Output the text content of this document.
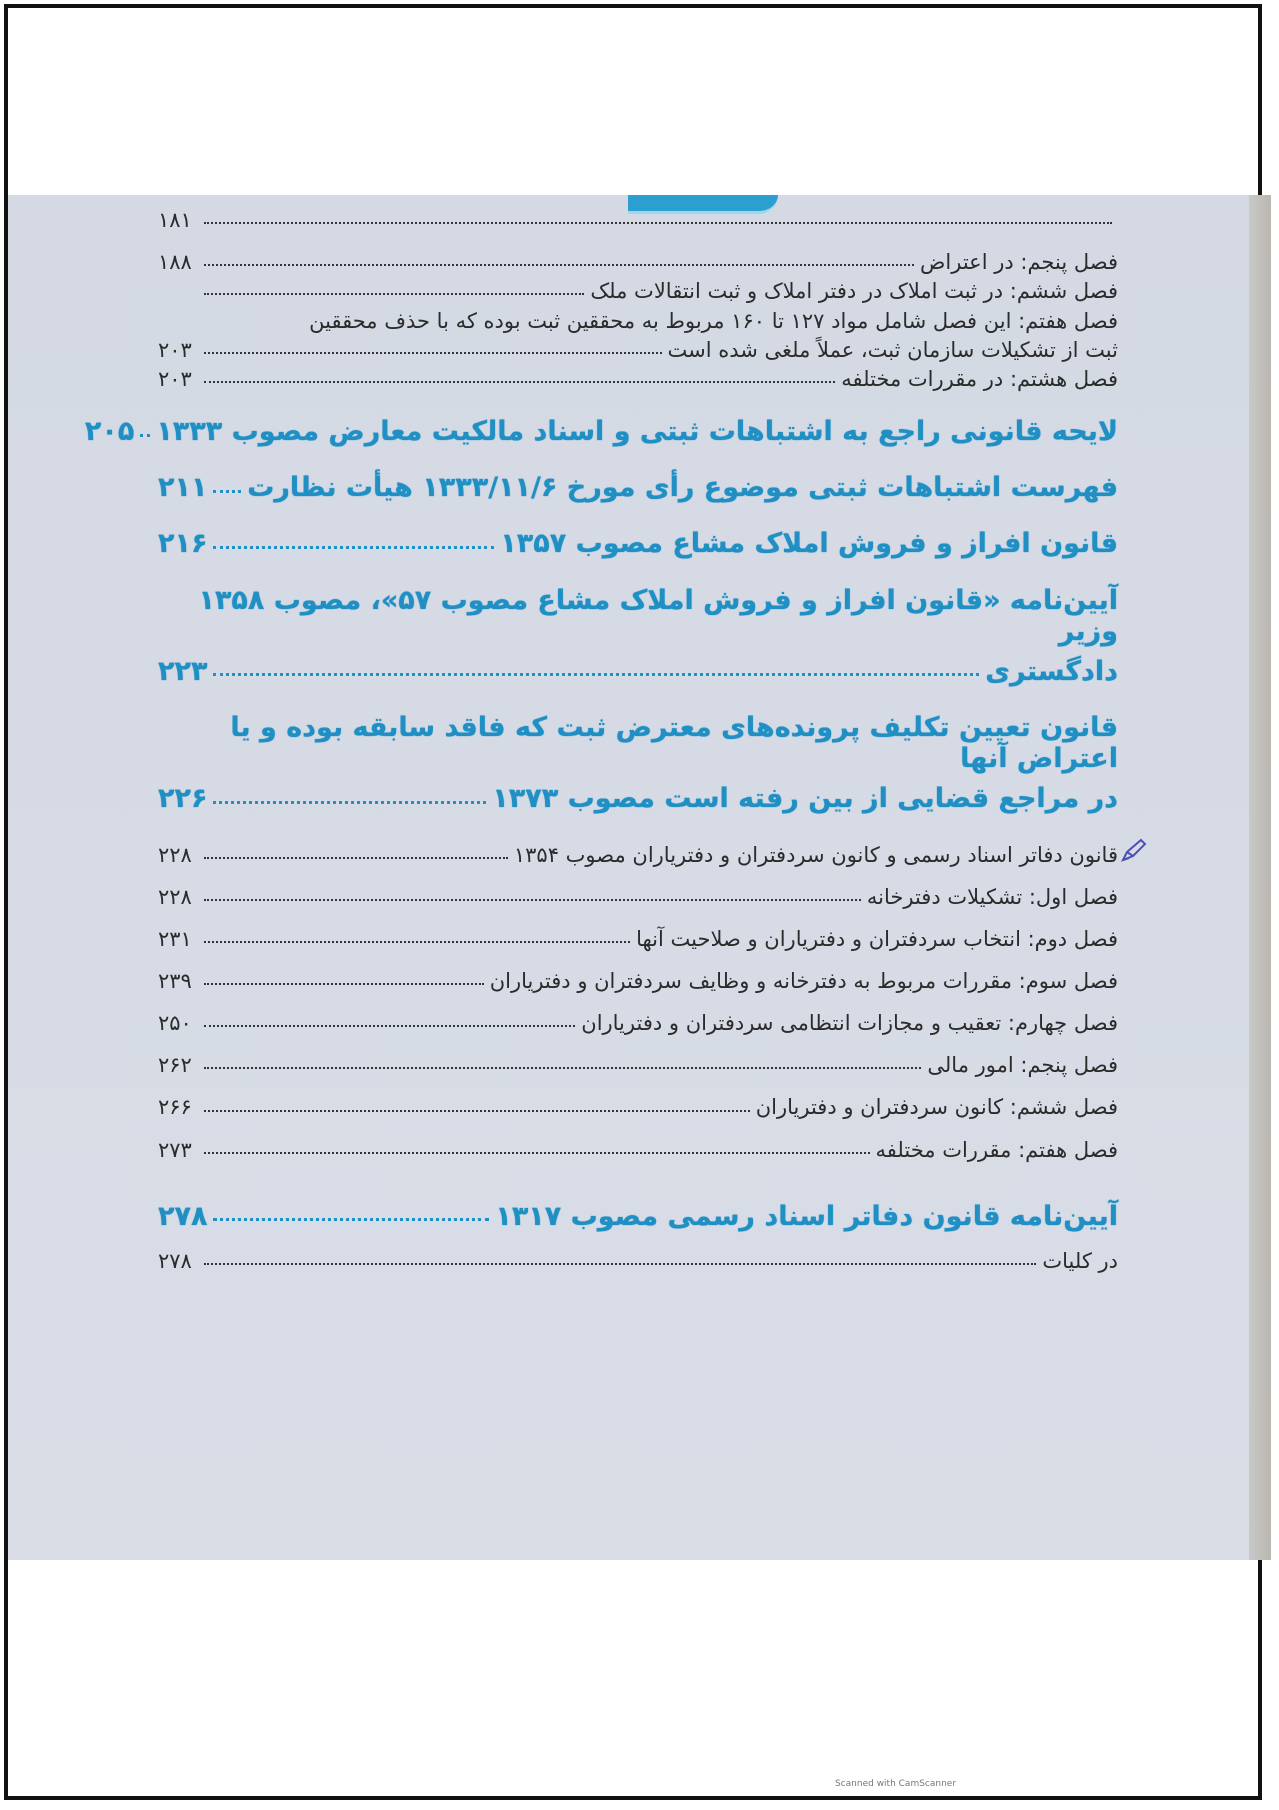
۱۸۱
فصل پنجم: در اعتراض
۱۸۸
فصل ششم: در ثبت املاک در دفتر املاک و ثبت انتقالات ملک
فصل هفتم: این فصل شامل مواد ۱۲۷ تا ۱۶۰ مربوط به محققین ثبت بوده که با حذف محققین
ثبت از تشکیلات سازمان ثبت، عملاً ملغی شده است
۲۰۳
فصل هشتم: در مقررات مختلفه
۲۰۳
لایحه قانونی راجع به اشتباهات ثبتی و اسناد مالکیت معارض مصوب ۱۳۳۳
۲۰۵
فهرست اشتباهات ثبتی موضوع رأی مورخ ۱۳۳۳/۱۱/۶ هیأت نظارت
۲۱۱
قانون افراز و فروش املاک مشاع مصوب ۱۳۵۷
۲۱۶
آیین‌نامه «قانون افراز و فروش املاک مشاع مصوب ۵۷»، مصوب ۱۳۵۸ وزیر
دادگستری
۲۲۳
قانون تعیین تکلیف پرونده‌های معترض ثبت که فاقد سابقه بوده و یا اعتراض آنها
در مراجع قضایی از بین رفته است مصوب ۱۳۷۳
۲۲۶
قانون دفاتر اسناد رسمی و کانون سردفتران و دفتریاران مصوب ۱۳۵۴
۲۲۸
فصل اول: تشکیلات دفترخانه
۲۲۸
فصل دوم: انتخاب سردفتران و دفتریاران و صلاحیت آنها
۲۳۱
فصل سوم: مقررات مربوط به دفترخانه و وظایف سردفتران و دفتریاران
۲۳۹
فصل چهارم: تعقیب و مجازات انتظامی سردفتران و دفتریاران
۲۵۰
فصل پنجم: امور مالی
۲۶۲
فصل ششم: کانون سردفتران و دفتریاران
۲۶۶
فصل هفتم: مقررات مختلفه
۲۷۳
آیین‌نامه قانون دفاتر اسناد رسمی مصوب ۱۳۱۷
۲۷۸
در کلیات
۲۷۸
Scanned with CamScanner
